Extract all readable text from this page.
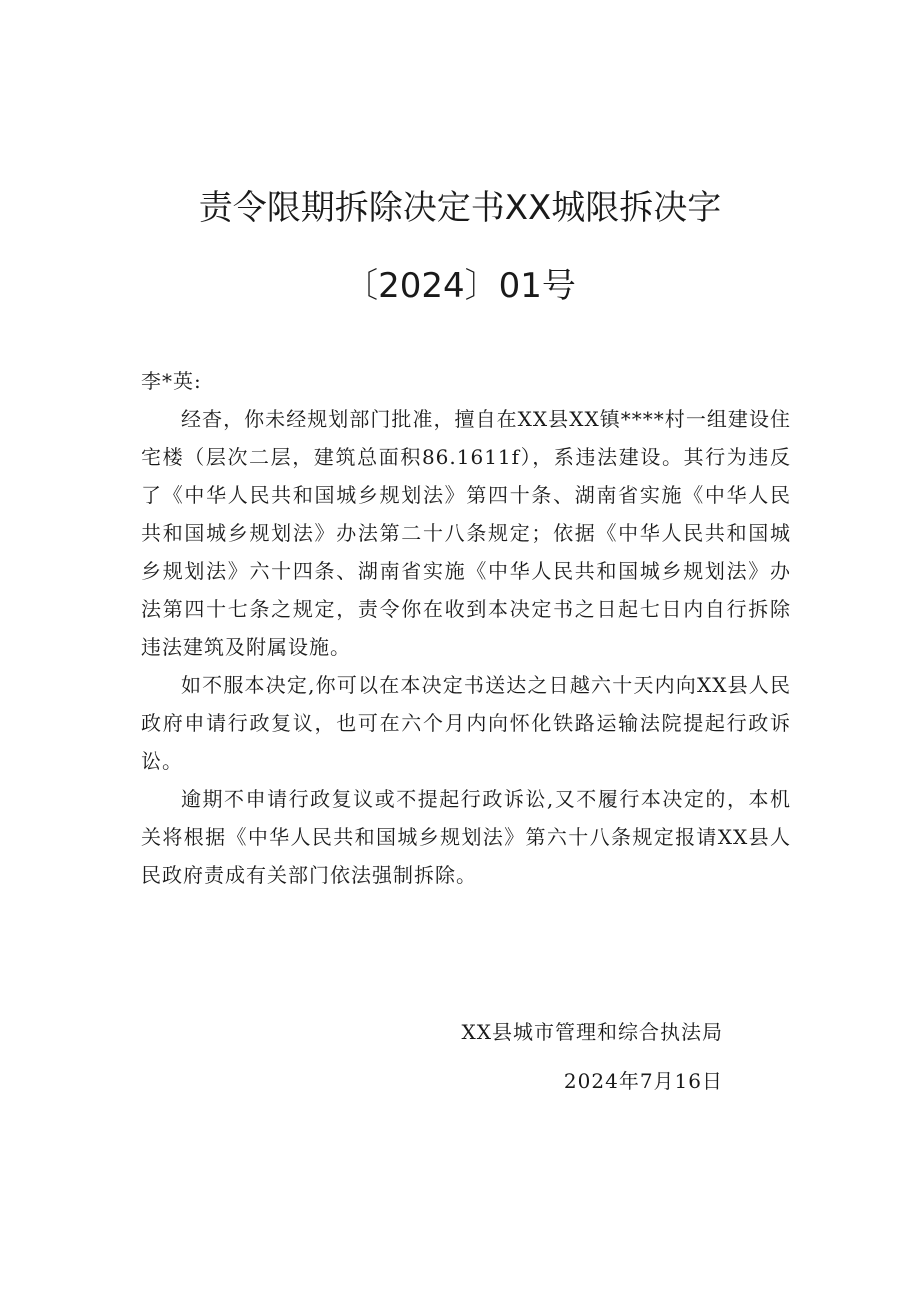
责令限期拆除决定书XX城限拆决字
〔2024〕01号

李*英:

经杳，你未经规划部门批准，擅自在XX县XX镇****村一组建设住宅楼（层次二层，建筑总面积86.1611f），系违法建设。其行为违反了《中华人民共和国城乡规划法》第四十条、湖南省实施《中华人民共和国城乡规划法》办法第二十八条规定；依据《中华人民共和国城乡规划法》六十四条、湖南省实施《中华人民共和国城乡规划法》办法第四十七条之规定，责令你在收到本决定书之日起七日内自行拆除违法建筑及附属设施。

如不服本决定,你可以在本决定书送达之日越六十天内向XX县人民政府申请行政复议，也可在六个月内向怀化铁路运输法院提起行政诉讼。

逾期不申请行政复议或不提起行政诉讼,又不履行本决定的，本机关将根据《中华人民共和国城乡规划法》第六十八条规定报请XX县人民政府责成有关部门依法强制拆除。

XX县城市管理和综合执法局
2024年7月16日
